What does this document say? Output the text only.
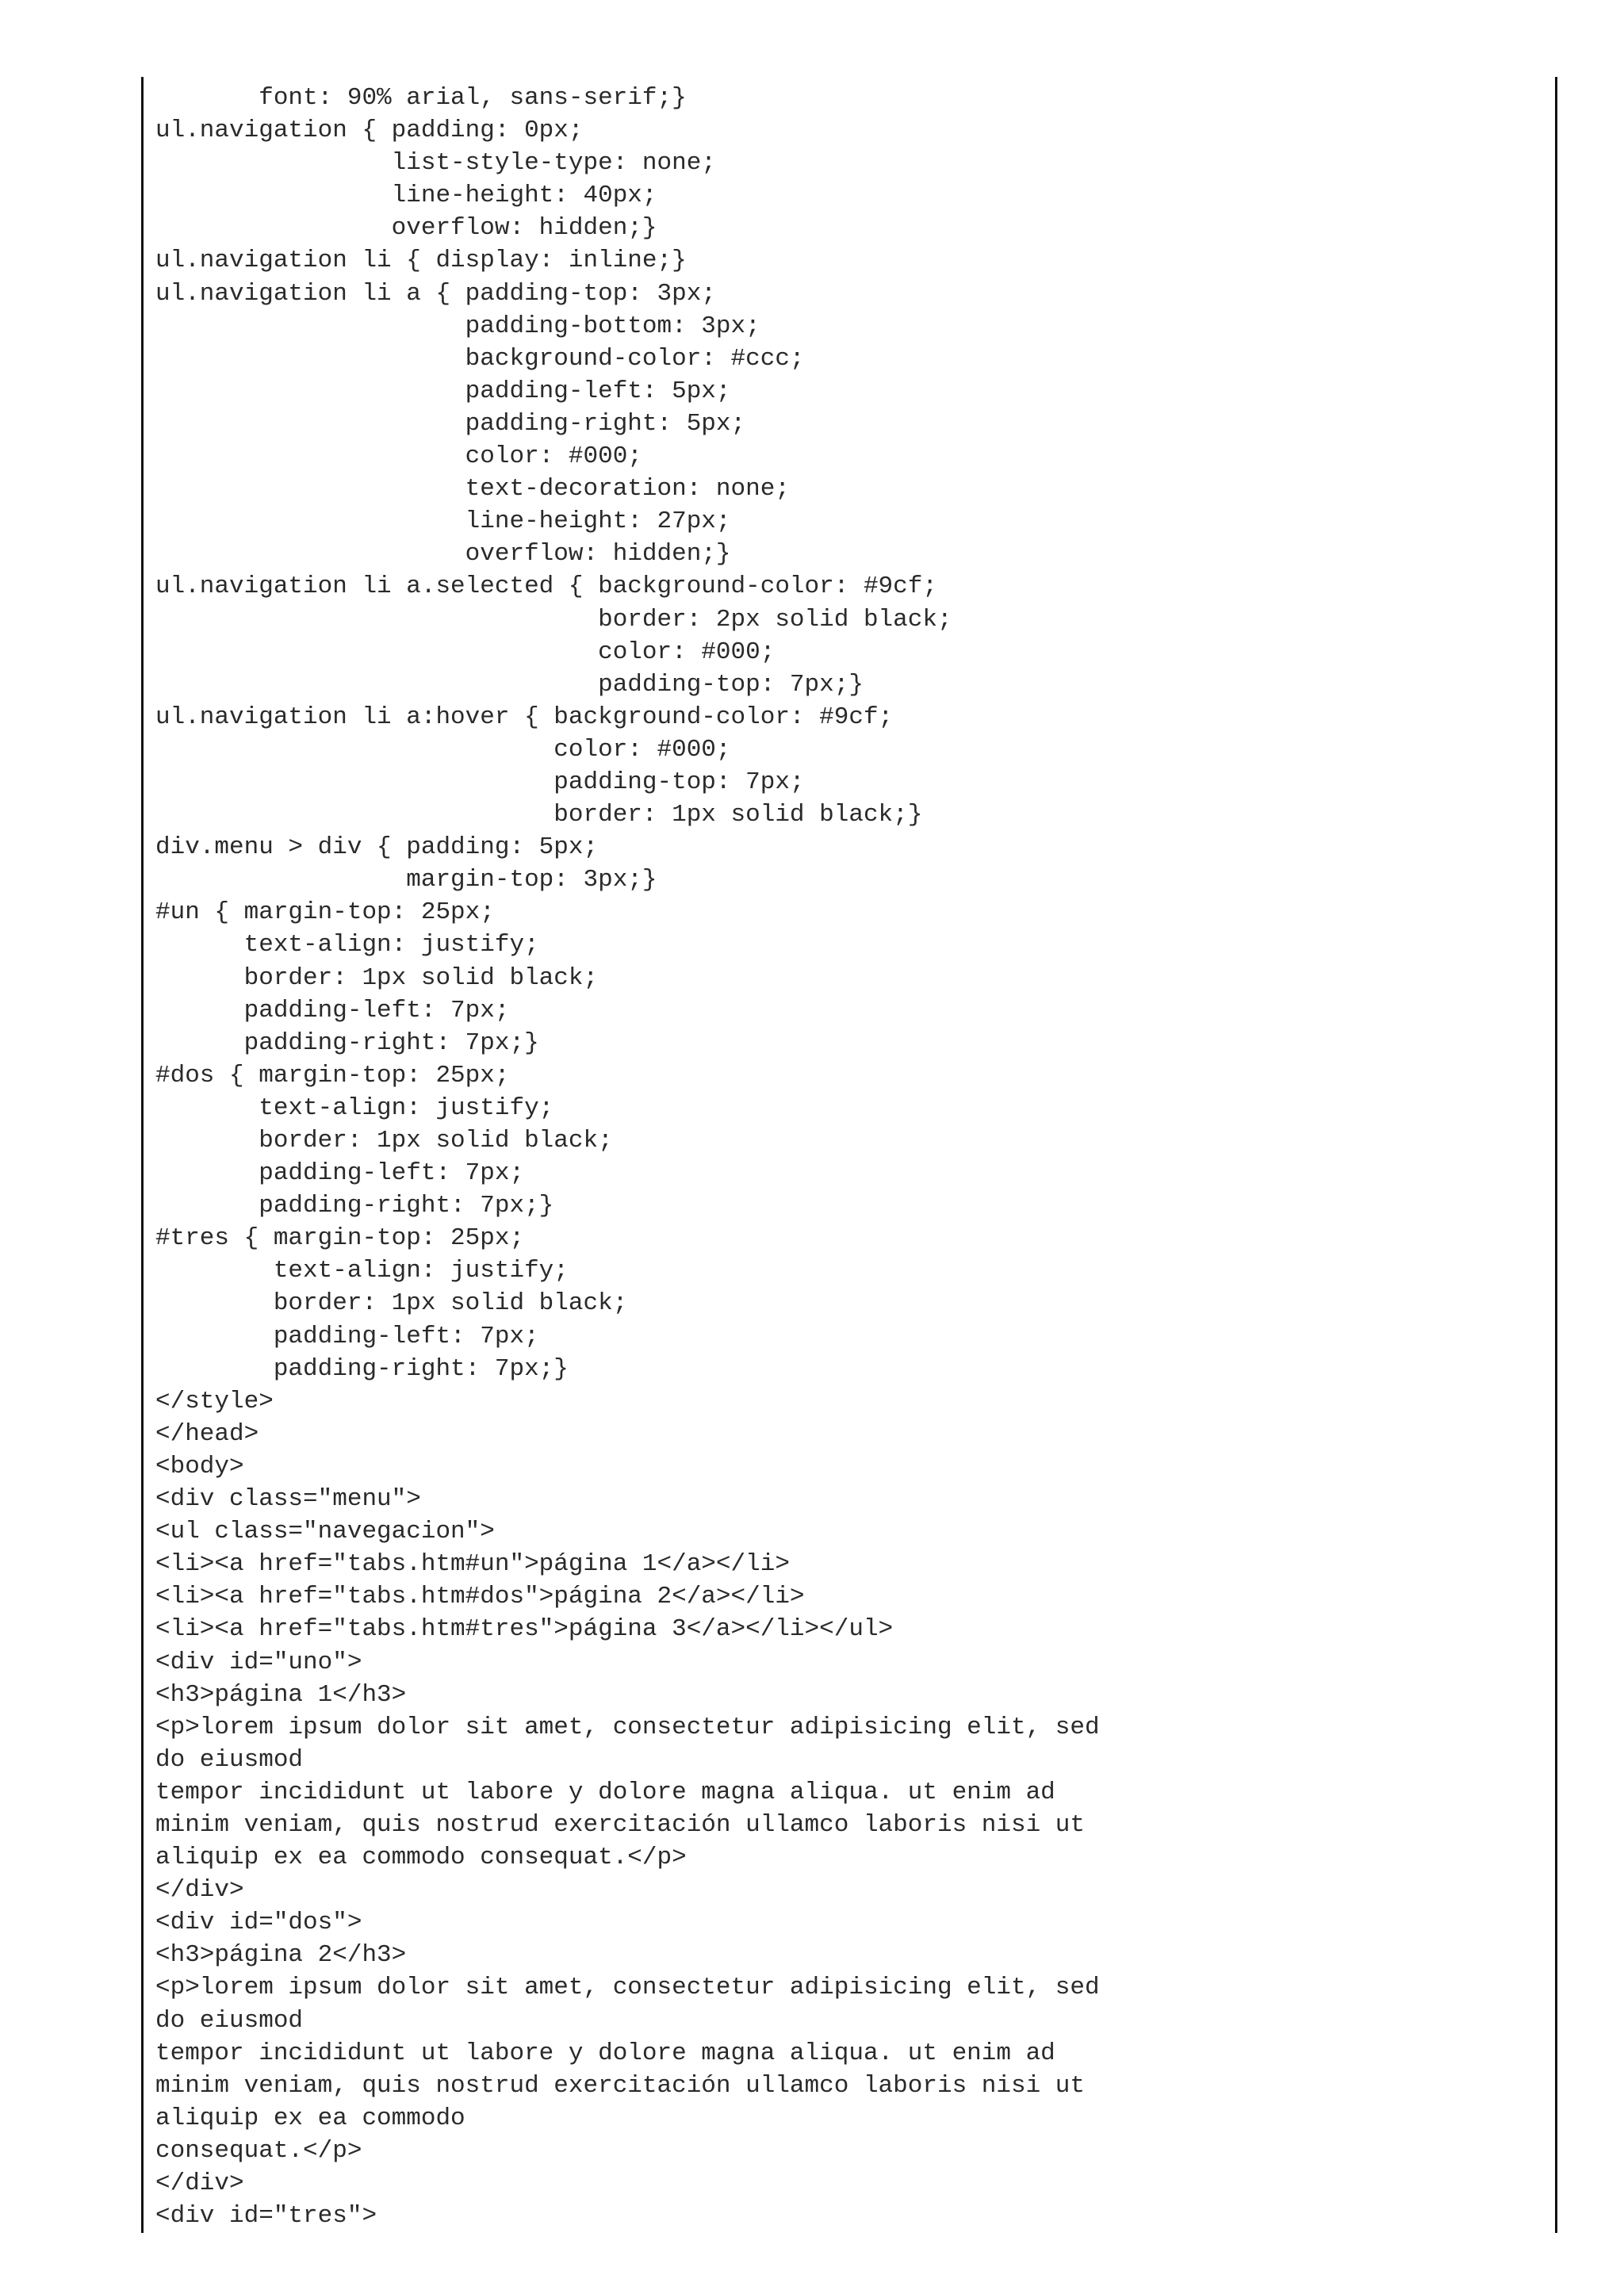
font: 90% arial, sans-serif;}
ul.navigation { padding: 0px;
list-style-type: none;
line-height: 40px;
overflow: hidden;}
ul.navigation li { display: inline;}
ul.navigation li a { padding-top: 3px;
padding-bottom: 3px;
background-color: #ccc;
padding-left: 5px;
padding-right: 5px;
color: #000;
text-decoration: none;
line-height: 27px;
overflow: hidden;}
ul.navigation li a.selected { background-color: #9cf;
border: 2px solid black;
color: #000;
padding-top: 7px;}
ul.navigation li a:hover { background-color: #9cf;
color: #000;
padding-top: 7px;
border: 1px solid black;}
div.menu > div { padding: 5px;
margin-top: 3px;}
#un { margin-top: 25px;
text-align: justify;
border: 1px solid black;
padding-left: 7px;
padding-right: 7px;}
#dos { margin-top: 25px;
text-align: justify;
border: 1px solid black;
padding-left: 7px;
padding-right: 7px;}
#tres { margin-top: 25px;
text-align: justify;
border: 1px solid black;
padding-left: 7px;
padding-right: 7px;}
</style>
</head>
<body>
<div class="menu">
<ul class="navegacion">
<li><a href="tabs.htm#un">página 1</a></li>
<li><a href="tabs.htm#dos">página 2</a></li>
<li><a href="tabs.htm#tres">página 3</a></li></ul>
<div id="uno">
<h3>página 1</h3>
<p>lorem ipsum dolor sit amet, consectetur adipisicing elit, sed
do eiusmod
tempor incididunt ut labore y dolore magna aliqua. ut enim ad
minim veniam, quis nostrud exercitación ullamco laboris nisi ut
aliquip ex ea commodo consequat.</p>
</div>
<div id="dos">
<h3>página 2</h3>
<p>lorem ipsum dolor sit amet, consectetur adipisicing elit, sed
do eiusmod
tempor incididunt ut labore y dolore magna aliqua. ut enim ad
minim veniam, quis nostrud exercitación ullamco laboris nisi ut
aliquip ex ea commodo
consequat.</p>
</div>
<div id="tres">
